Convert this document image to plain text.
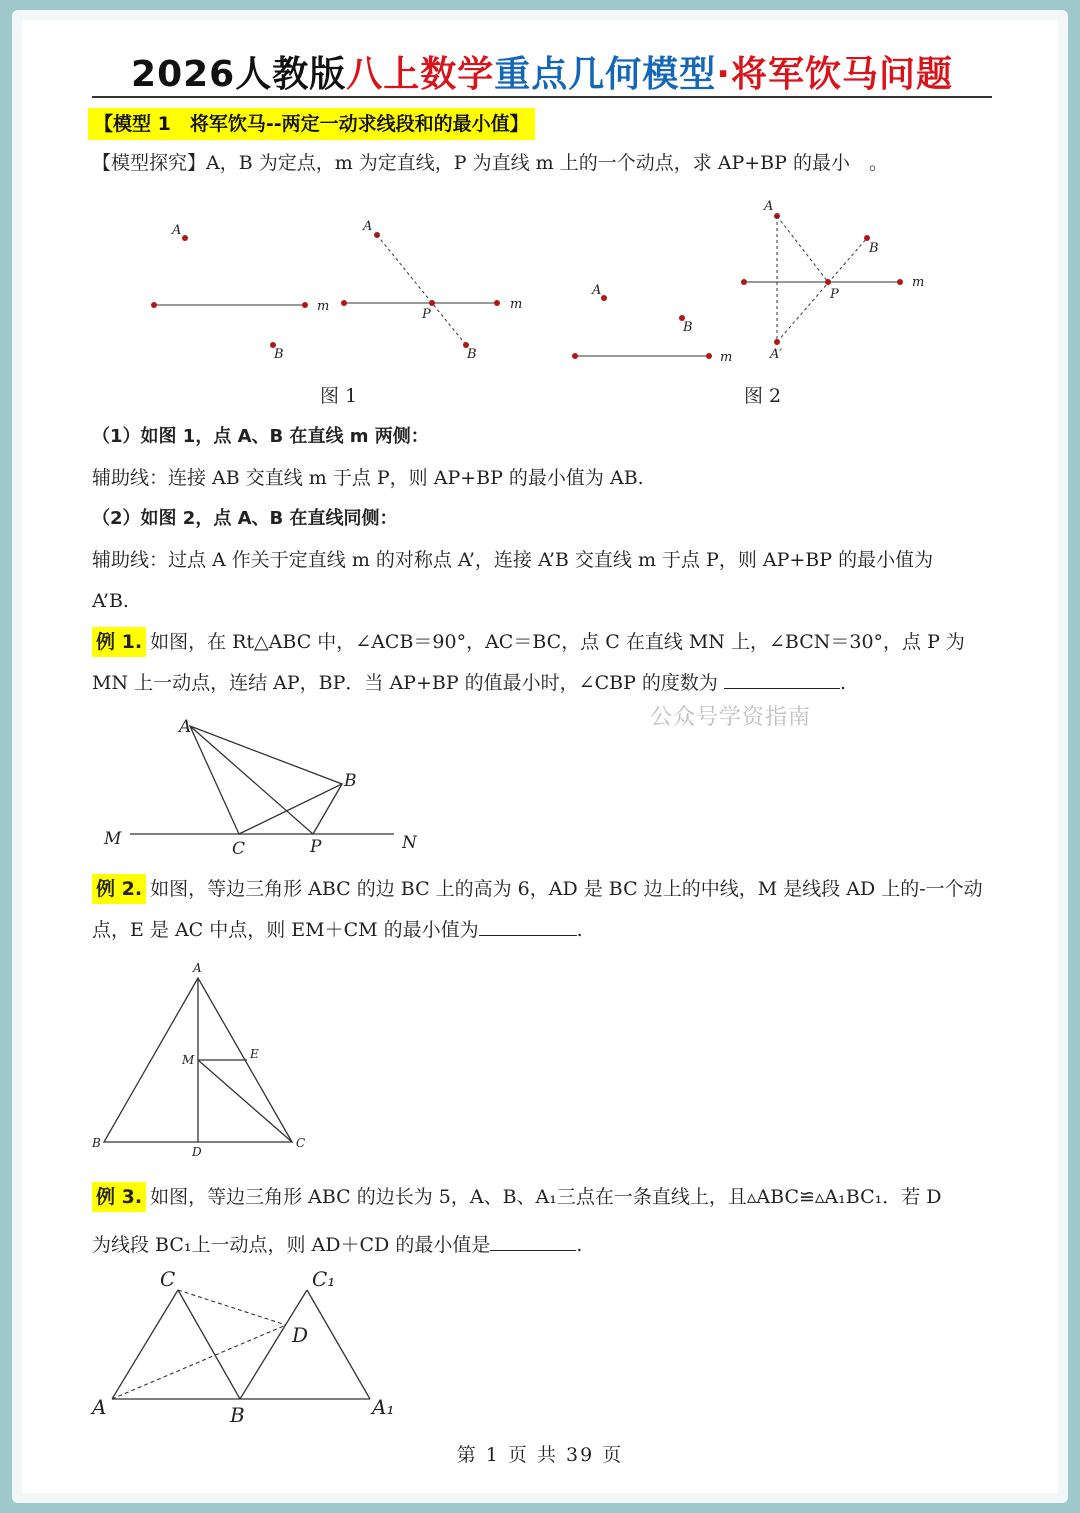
2026人教版八上数学重点几何模型·将军饮马问题
【模型 1　将军饮马--两定一动求线段和的最小值】
【模型探究】A，B 为定点，m 为定直线，P 为直线 m 上的一个动点，求 AP+BP 的最小　。
A
m
B
A
P
m
B
A
B
m
A
P
m
B
A′
A
B
M	C	P	N
A
M	E
B
D
C
C	C₁
D
A	B	A₁
图 1	图 2
（1）如图 1，点 A、B 在直线 m 两侧：
辅助线：连接 AB 交直线 m 于点 P，则 AP+BP 的最小值为 AB.
（2）如图 2，点 A、B 在直线同侧：
辅助线：过点 A 作关于定直线 m 的对称点 A’，连接 A’B 交直线 m 于点 P，则 AP+BP 的最小值为
A’B.
例 1. 如图，在 Rt△ABC 中，∠ACB＝90°，AC＝BC，点 C 在直线 MN 上，∠BCN＝30°，点 P 为
MN 上一动点，连结 AP，BP．当 AP+BP 的值最小时，∠CBP 的度数为	.
公众号学资指南
例 2. 如图，等边三角形 ABC 的边 BC 上的高为 6，AD 是 BC 边上的中线，M 是线段 AD 上的-一个动
点，E 是 AC 中点，则 EM＋CM 的最小值为	.
例 3. 如图，等边三角形 ABC 的边长为 5，A、B、A₁三点在一条直线上，且▵ABC≌▵A₁BC₁．若 D
为线段 BC₁上一动点，则 AD＋CD 的最小值是	.
第 1 页 共 39 页
